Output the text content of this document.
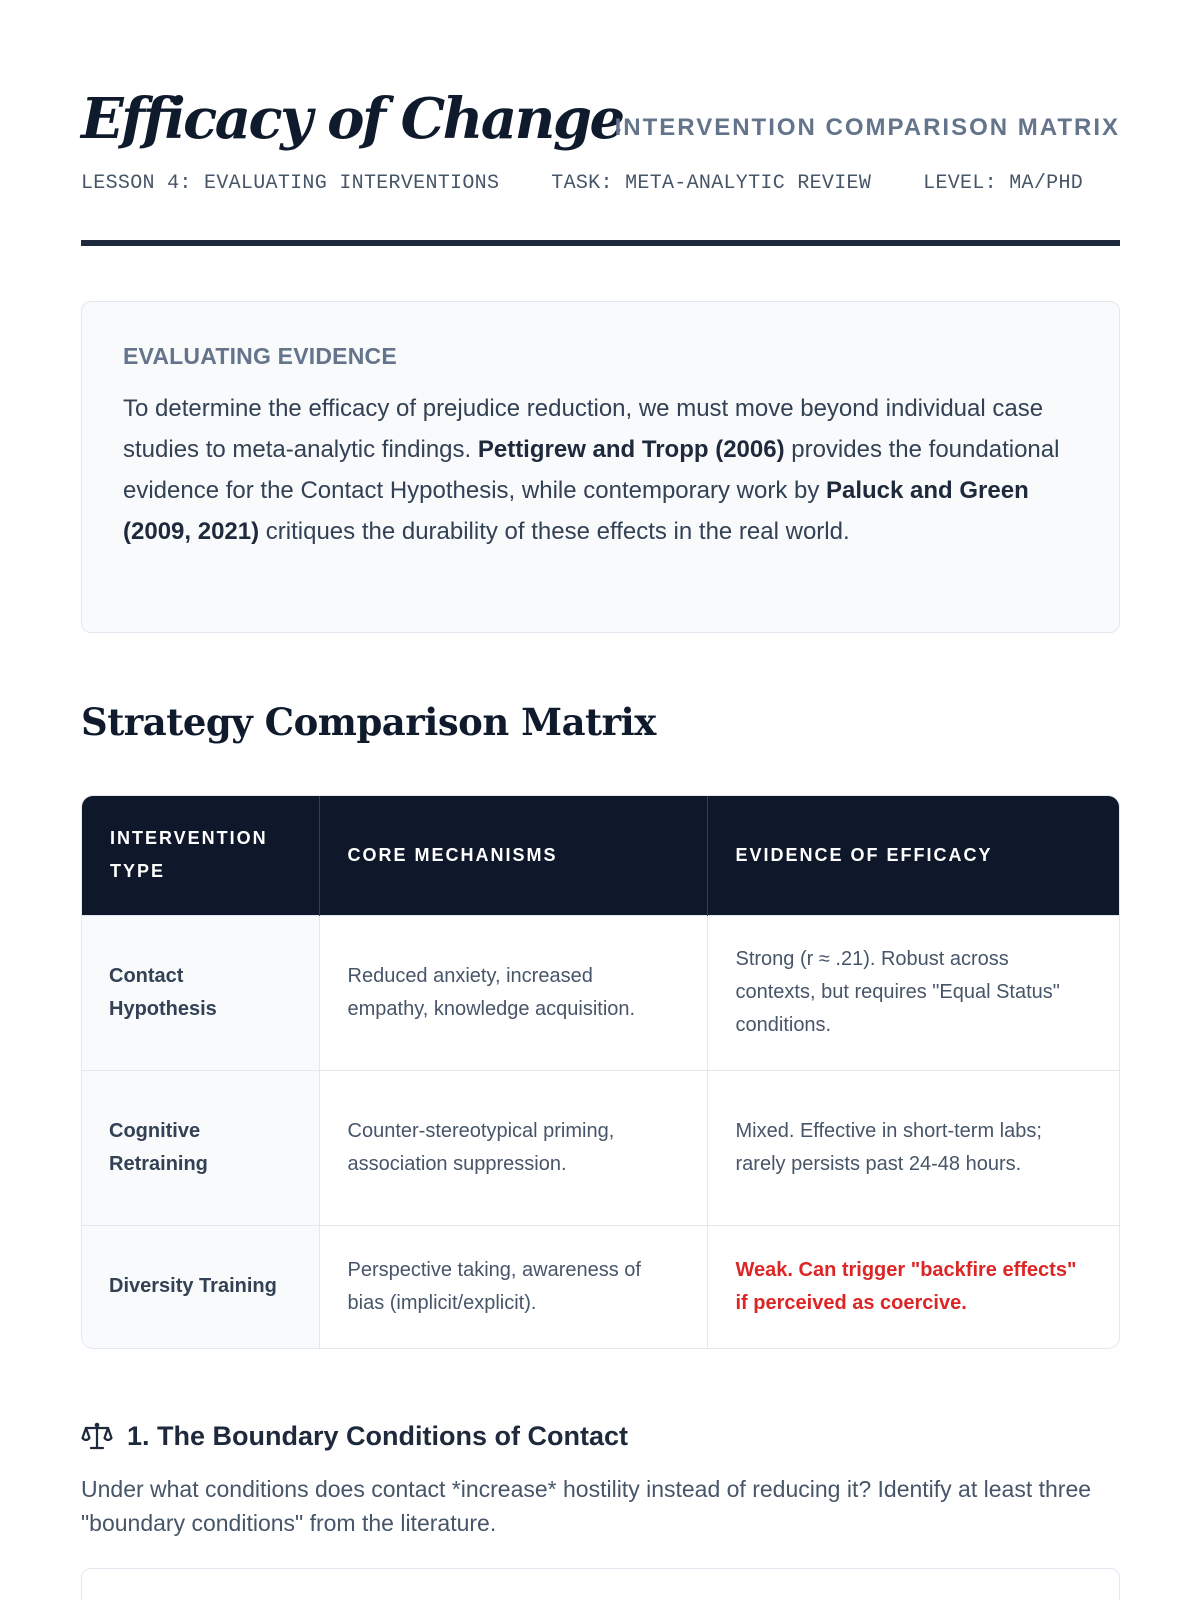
Efficacy of Change
INTERVENTION COMPARISON MATRIX
LESSON 4: EVALUATING INTERVENTIONS	TASK: META-ANALYTIC REVIEW	LEVEL: MA/PHD
EVALUATING EVIDENCE

To determine the efficacy of prejudice reduction, we must move beyond individual case studies to meta-analytic findings. Pettigrew and Tropp (2006) provides the foundational evidence for the Contact Hypothesis, while contemporary work by Paluck and Green (2009, 2021) critiques the durability of these effects in the real world.

Strategy Comparison Matrix
INTERVENTION TYPE	CORE MECHANISMS	EVIDENCE OF EFFICACY
Contact Hypothesis	Reduced anxiety, increased empathy, knowledge acquisition.	Strong (r ≈ .21). Robust across contexts, but requires "Equal Status" conditions.
Cognitive Retraining	Counter-stereotypical priming, association suppression.	Mixed. Effective in short-term labs; rarely persists past 24-48 hours.
Diversity Training	Perspective taking, awareness of bias (implicit/explicit).	Weak. Can trigger "backfire effects" if perceived as coercive.
1. The Boundary Conditions of Contact

Under what conditions does contact *increase* hostility instead of reducing it? Identify at least three "boundary conditions" from the literature.
